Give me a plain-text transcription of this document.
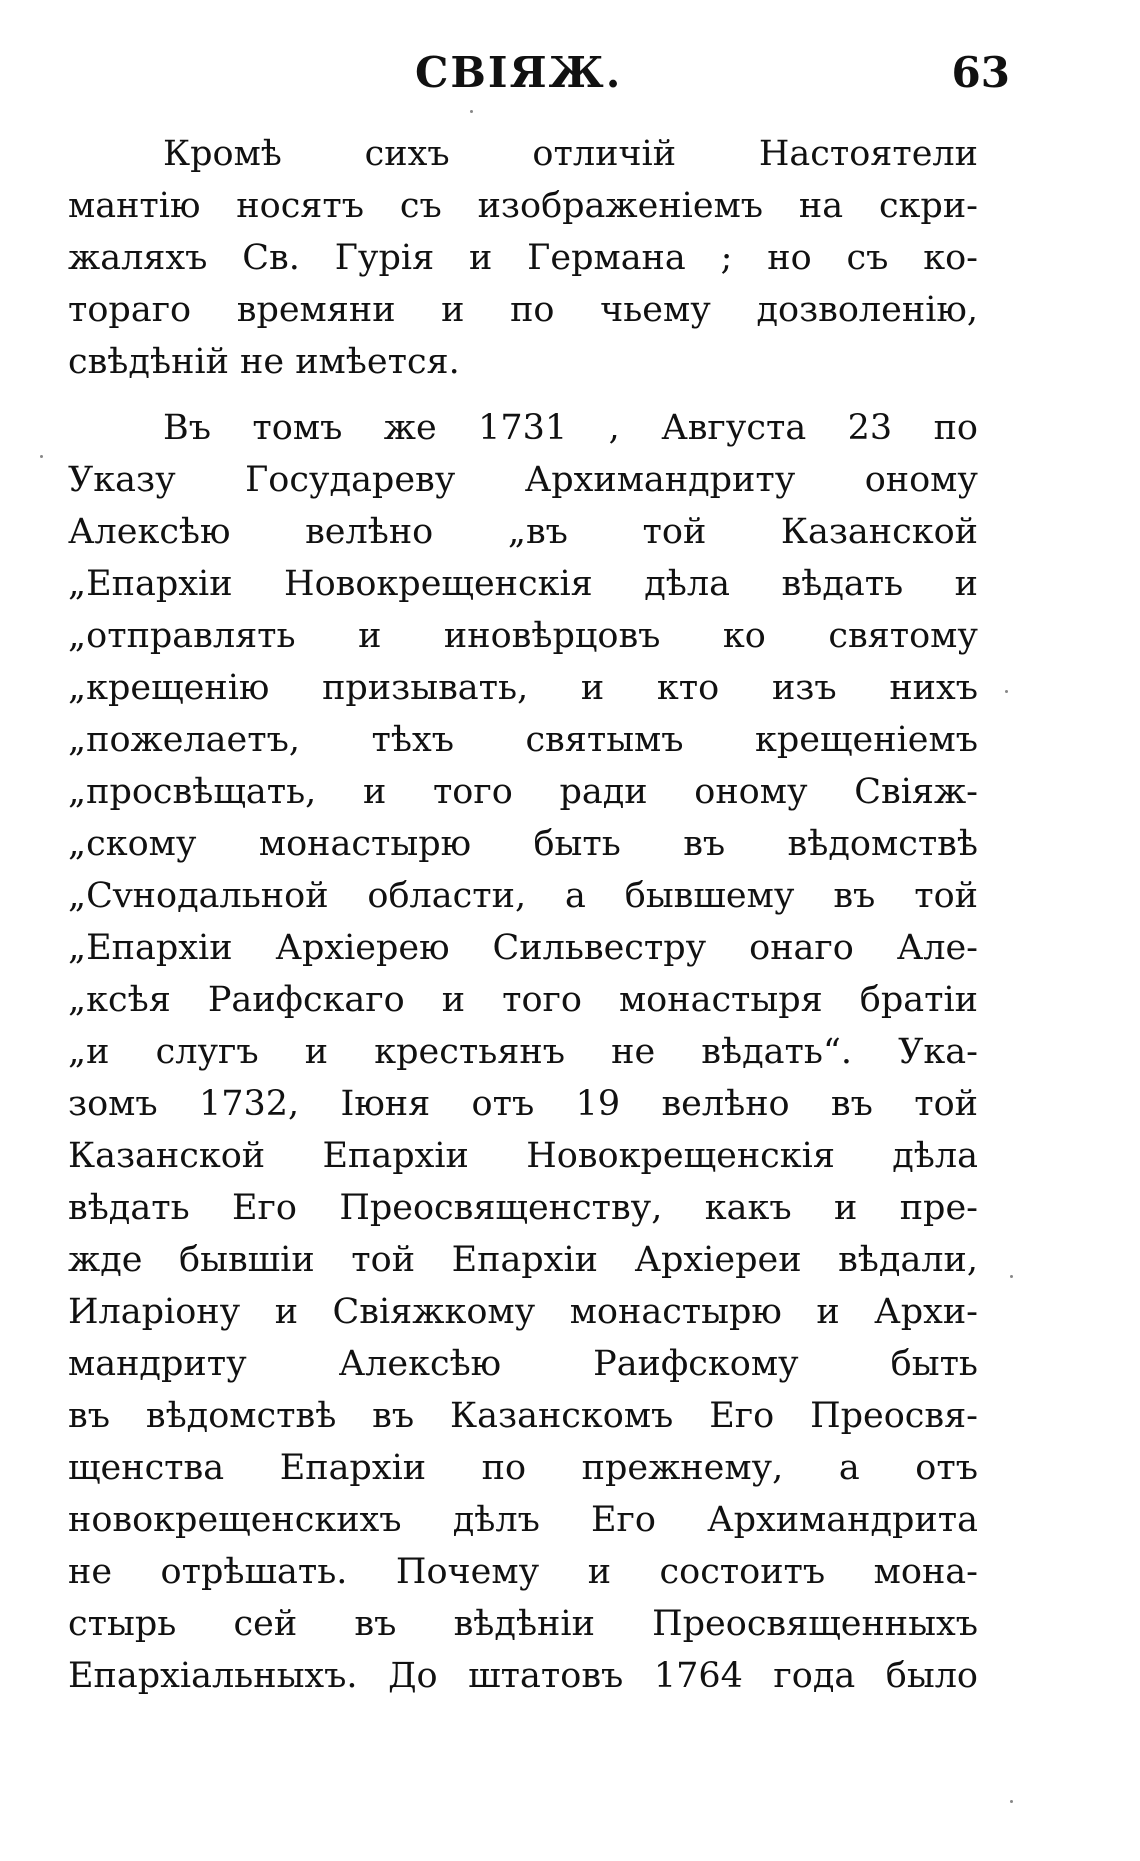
СВІЯЖ.	63
Кромѣ сихъ отличій Настоятели
мантію носятъ съ изображеніемъ на скри-
жаляхъ Св. Гурія и Германа ; но съ ко-
тораго времяни и по чьему дозволенію,
свѣдѣній не имѣется.
Въ томъ же 1731 , Августа 23 по
Указу Государеву Архимандриту оному
Алексѣю велѣно „въ той Казанской
„Епархіи Новокрещенскія дѣла вѣдать и
„отправлять и иновѣрцовъ ко святому
„крещенію призывать, и кто изъ нихъ
„пожелаетъ, тѣхъ святымъ крещеніемъ
„просвѣщать, и того ради оному Свіяж-
„скому монастырю быть въ вѣдомствѣ
„Сvнодальной области, а бывшему въ той
„Епархіи Архіерею Сильвестру онаго Але-
„ксѣя Раифскаго и того монастыря братіи
„и слугъ и крестьянъ не вѣдать“. Ука-
зомъ 1732, Іюня отъ 19 велѣно въ той
Казанской Епархіи Новокрещенскія дѣла
вѣдать Его Преосвященству, какъ и пре-
жде бывшіи той Епархіи Архіереи вѣдали,
Иларіону и Свіяжкому монастырю и Архи-
мандриту Алексѣю Раифскому быть
въ вѣдомствѣ въ Казанскомъ Его Преосвя-
щенства Епархіи по прежнему, а отъ
новокрещенскихъ дѣлъ Его Архимандрита
не отрѣшать. Почему и состоитъ мона-
стырь сей въ вѣдѣніи Преосвященныхъ
Епархіальныхъ. До штатовъ 1764 года было
